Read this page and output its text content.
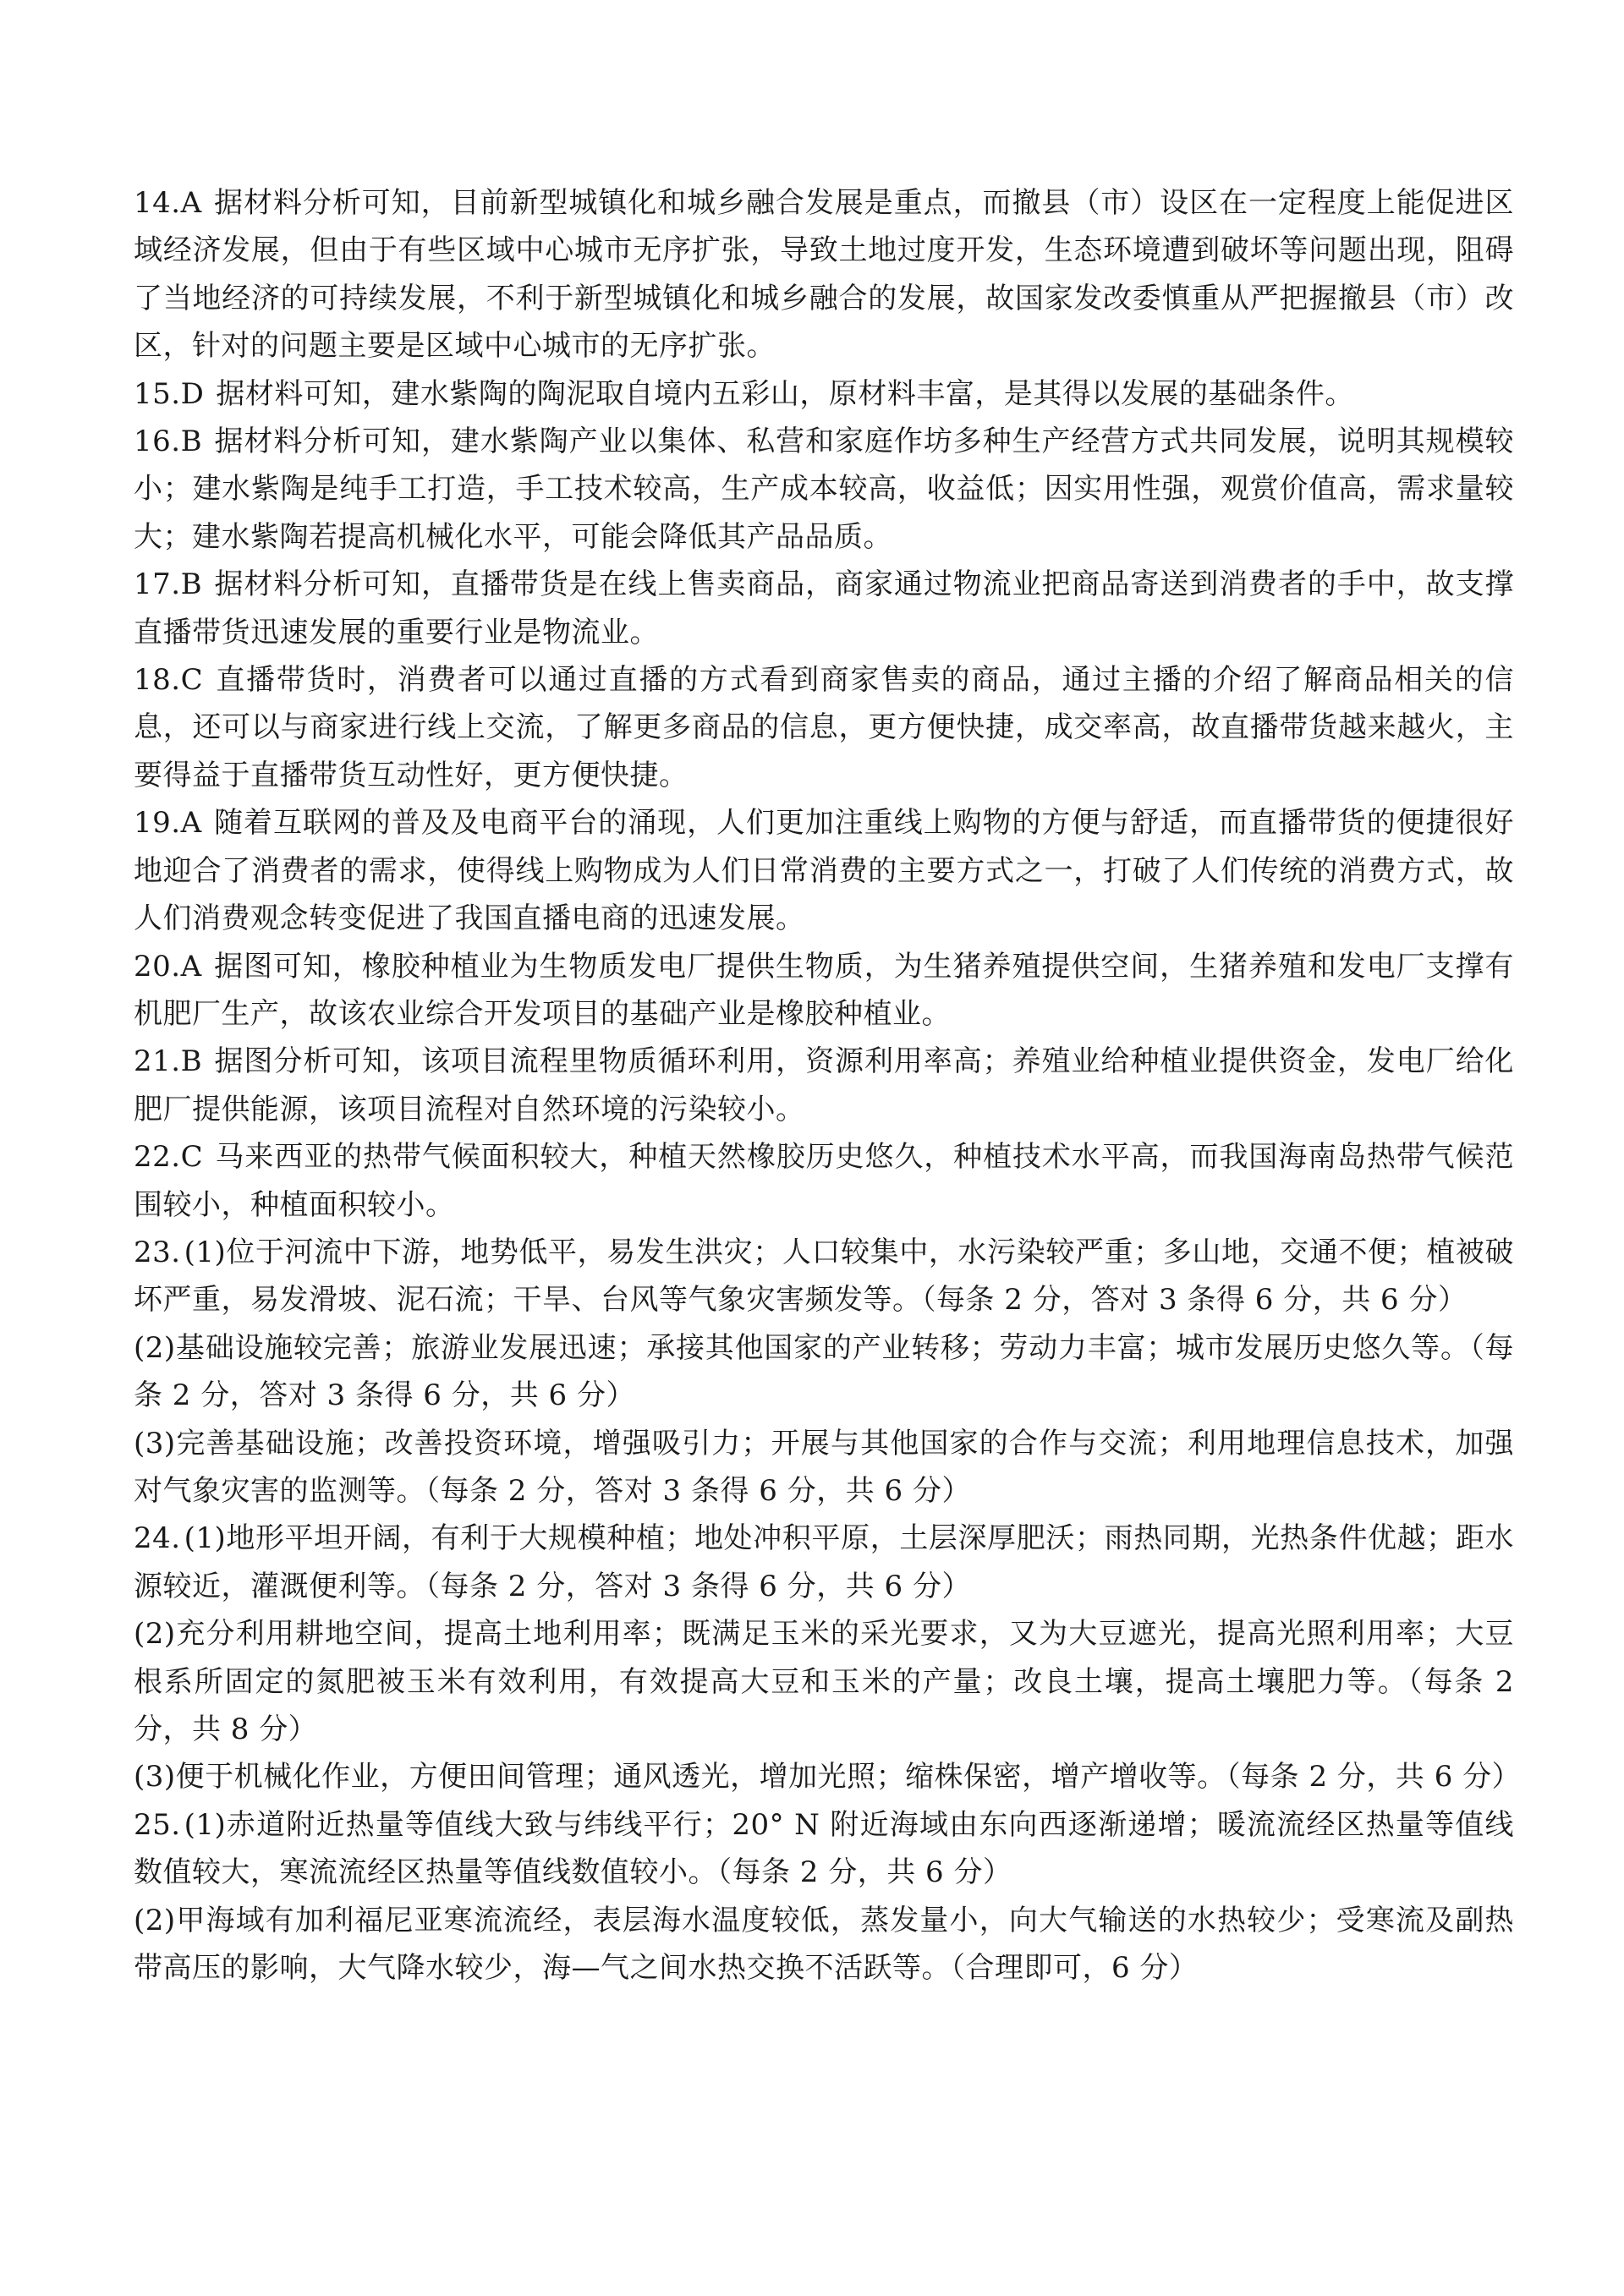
14.A 据材料分析可知，目前新型城镇化和城乡融合发展是重点，而撤县（市）设区在一定程度上能促进区域经济发展，但由于有些区域中心城市无序扩张，导致土地过度开发，生态环境遭到破坏等问题出现，阻碍了当地经济的可持续发展，不利于新型城镇化和城乡融合的发展，故国家发改委慎重从严把握撤县（市）改区，针对的问题主要是区域中心城市的无序扩张。

15.D 据材料可知，建水紫陶的陶泥取自境内五彩山，原材料丰富，是其得以发展的基础条件。

16.B 据材料分析可知，建水紫陶产业以集体、私营和家庭作坊多种生产经营方式共同发展，说明其规模较小；建水紫陶是纯手工打造，手工技术较高，生产成本较高，收益低；因实用性强，观赏价值高，需求量较大；建水紫陶若提高机械化水平，可能会降低其产品品质。

17.B 据材料分析可知，直播带货是在线上售卖商品，商家通过物流业把商品寄送到消费者的手中，故支撑直播带货迅速发展的重要行业是物流业。

18.C 直播带货时，消费者可以通过直播的方式看到商家售卖的商品，通过主播的介绍了解商品相关的信息，还可以与商家进行线上交流，了解更多商品的信息，更方便快捷，成交率高，故直播带货越来越火，主要得益于直播带货互动性好，更方便快捷。

19.A 随着互联网的普及及电商平台的涌现，人们更加注重线上购物的方便与舒适，而直播带货的便捷很好地迎合了消费者的需求，使得线上购物成为人们日常消费的主要方式之一，打破了人们传统的消费方式，故人们消费观念转变促进了我国直播电商的迅速发展。

20.A 据图可知，橡胶种植业为生物质发电厂提供生物质，为生猪养殖提供空间，生猪养殖和发电厂支撑有机肥厂生产，故该农业综合开发项目的基础产业是橡胶种植业。

21.B 据图分析可知，该项目流程里物质循环利用，资源利用率高；养殖业给种植业提供资金，发电厂给化肥厂提供能源，该项目流程对自然环境的污染较小。

22.C 马来西亚的热带气候面积较大，种植天然橡胶历史悠久，种植技术水平高，而我国海南岛热带气候范围较小，种植面积较小。

23. (1)位于河流中下游，地势低平，易发生洪灾；人口较集中，水污染较严重；多山地，交通不便；植被破坏严重，易发滑坡、泥石流；干旱、台风等气象灾害频发等。（每条 2 分，答对 3 条得 6 分，共 6 分）

(2)基础设施较完善；旅游业发展迅速；承接其他国家的产业转移；劳动力丰富；城市发展历史悠久等。（每条 2 分，答对 3 条得 6 分，共 6 分）

(3)完善基础设施；改善投资环境，增强吸引力；开展与其他国家的合作与交流；利用地理信息技术，加强对气象灾害的监测等。（每条 2 分，答对 3 条得 6 分，共 6 分）

24. (1)地形平坦开阔，有利于大规模种植；地处冲积平原，土层深厚肥沃；雨热同期，光热条件优越；距水源较近，灌溉便利等。（每条 2 分，答对 3 条得 6 分，共 6 分）

(2)充分利用耕地空间，提高土地利用率；既满足玉米的采光要求，又为大豆遮光，提高光照利用率；大豆根系所固定的氮肥被玉米有效利用，有效提高大豆和玉米的产量；改良土壤，提高土壤肥力等。（每条 2 分，共 8 分）

(3)便于机械化作业，方便田间管理；通风透光，增加光照；缩株保密，增产增收等。（每条 2 分，共 6 分）

25. (1)赤道附近热量等值线大致与纬线平行；20° N 附近海域由东向西逐渐递增；暖流流经区热量等值线数值较大，寒流流经区热量等值线数值较小。（每条 2 分，共 6 分）

(2)甲海域有加利福尼亚寒流流经，表层海水温度较低，蒸发量小，向大气输送的水热较少；受寒流及副热带高压的影响，大气降水较少，海—气之间水热交换不活跃等。（合理即可，6 分）
